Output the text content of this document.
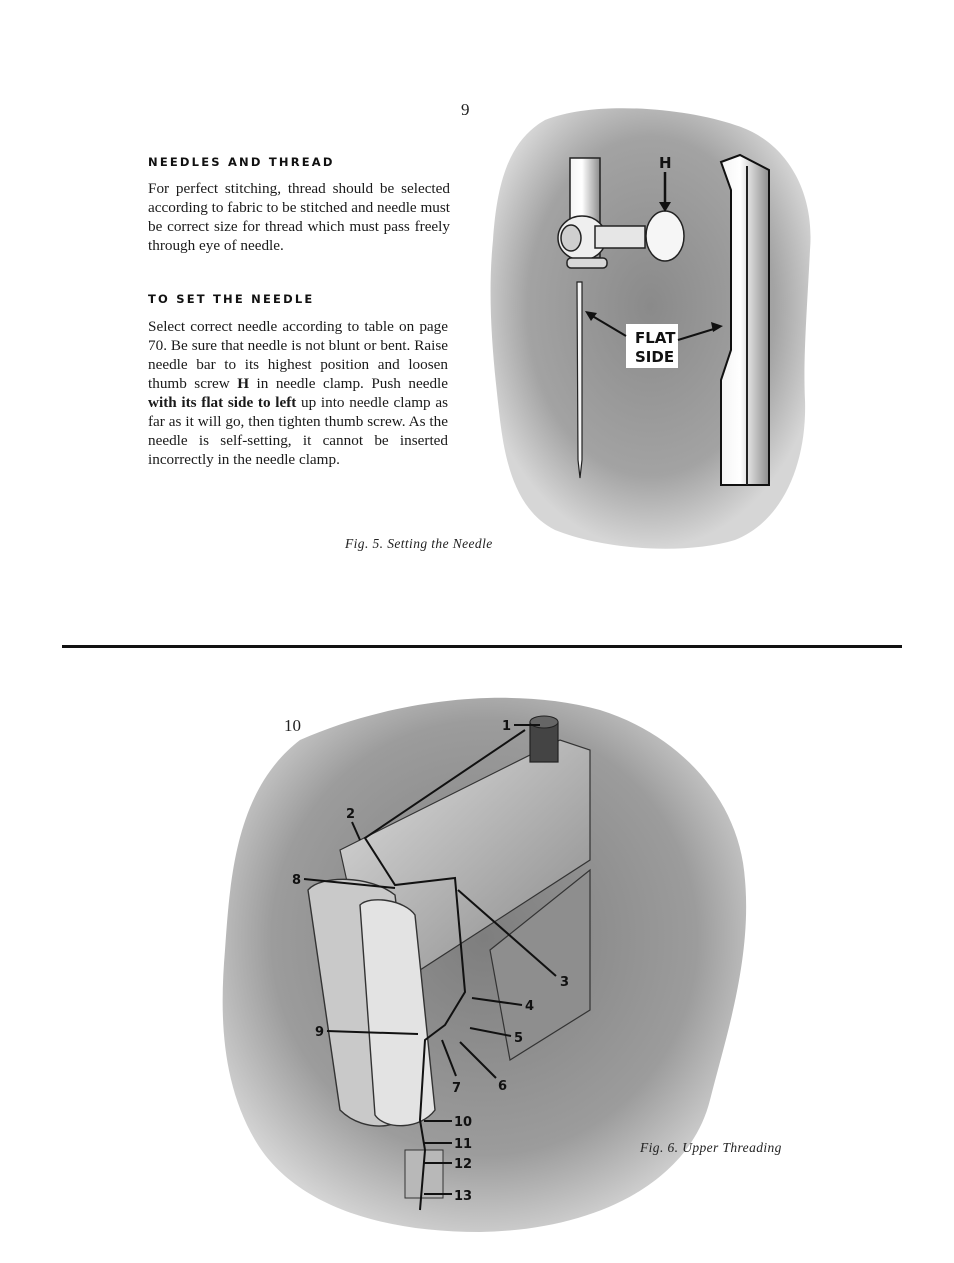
9
NEEDLES AND THREAD
For perfect stitching, thread should be selected according to fabric to be stitched and needle must be correct size for thread which must pass freely through eye of needle.
TO SET THE NEEDLE
Select correct needle according to table on page 70. Be sure that needle is not blunt or bent. Raise needle bar to its highest position and loosen thumb screw H in needle clamp. Push needle with its flat side to left up into needle clamp as far as it will go, then tighten thumb screw. As the needle is self-setting, it cannot be inserted incorrectly in the needle clamp.
H
FLAT
SIDE
Fig. 5. Setting the Needle
10	1
2
3
4
5
6
7
8
9
10
11
12
13
Fig. 6. Upper Threading
